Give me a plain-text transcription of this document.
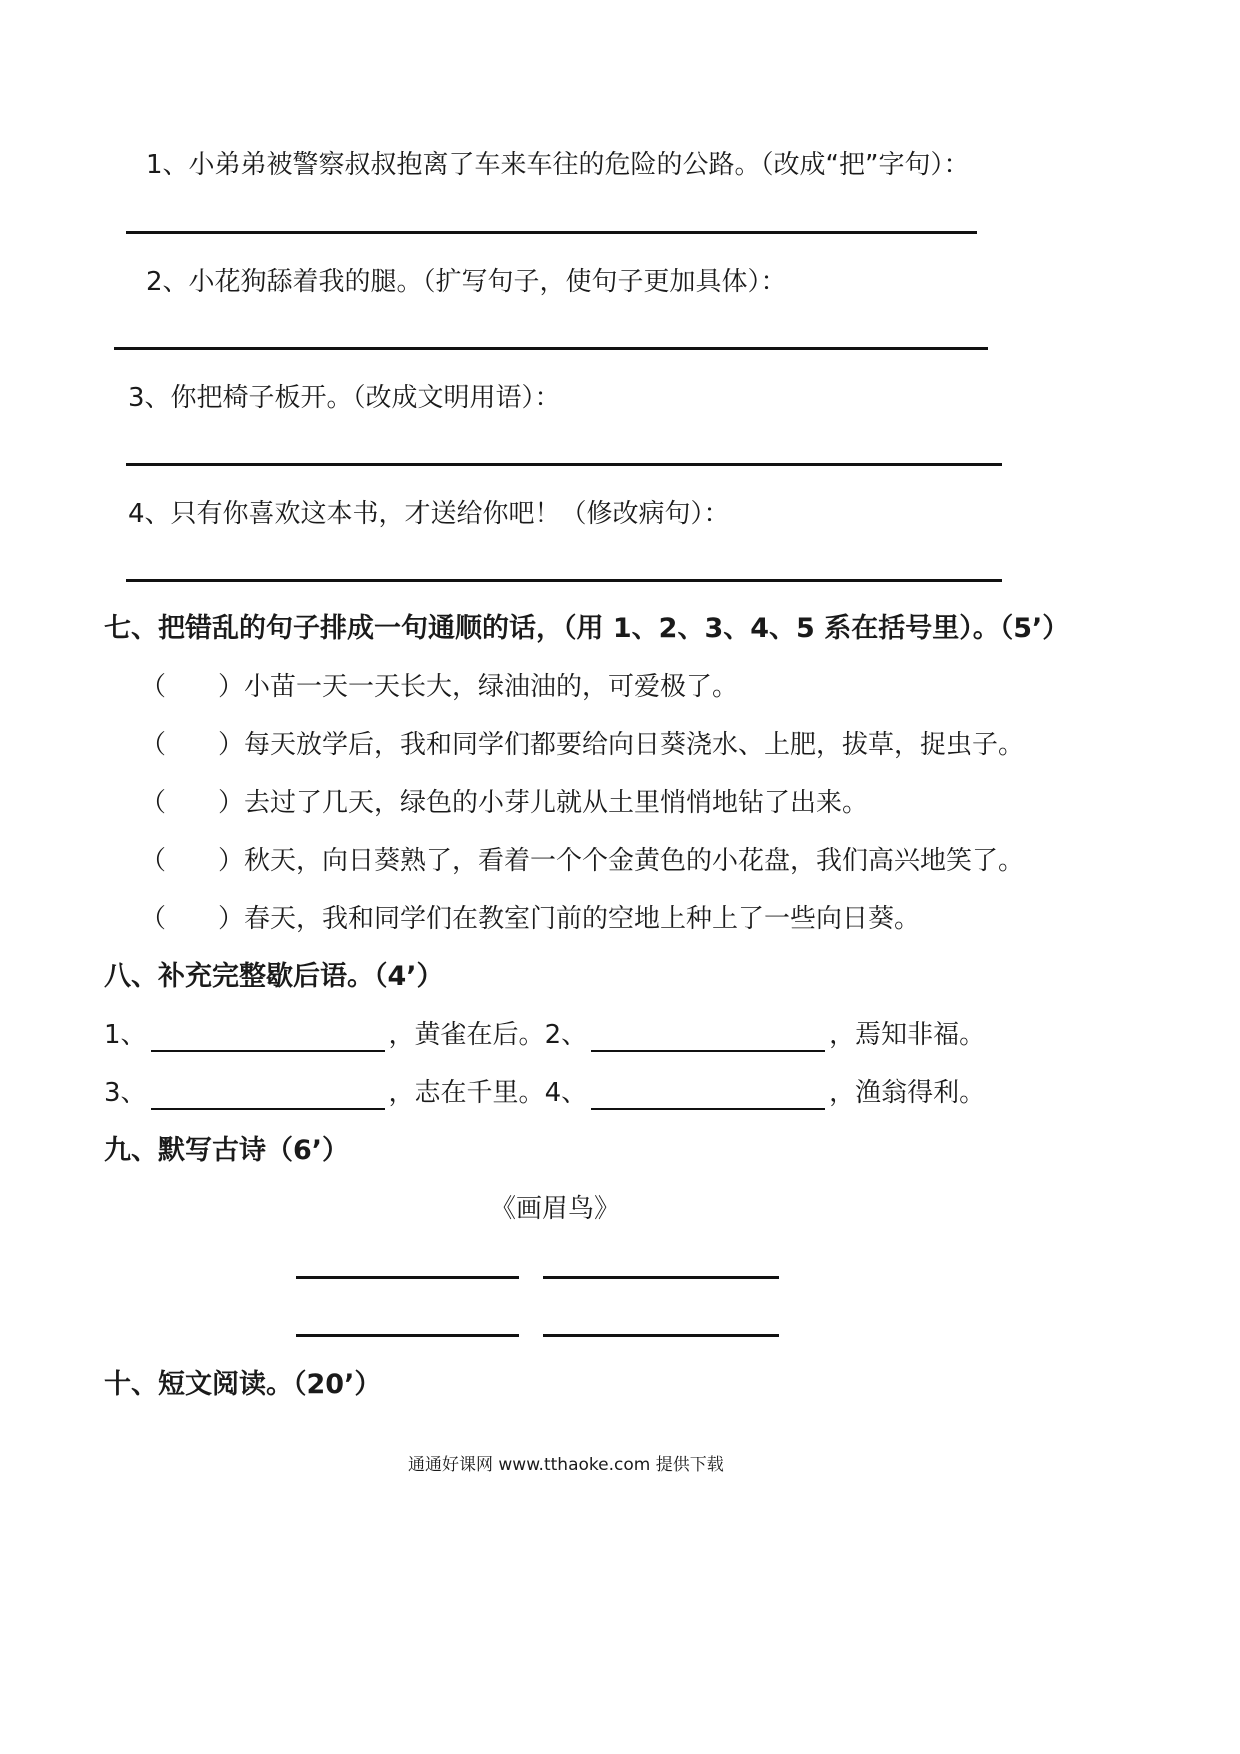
1、小弟弟被警察叔叔抱离了车来车往的危险的公路。（改成“把”字句）：
2、小花狗舔着我的腿。（扩写句子，使句子更加具体）：
3、你把椅子板开。（改成文明用语）：
4、只有你喜欢这本书，才送给你吧！（修改病句）：
七、把错乱的句子排成一句通顺的话，（用 1、2、3、4、5 系在括号里）。（5’）
（　　）小苗一天一天长大，绿油油的，可爱极了。
（　　）每天放学后，我和同学们都要给向日葵浇水、上肥，拔草，捉虫子。
（　　）去过了几天，绿色的小芽儿就从土里悄悄地钻了出来。
（　　）秋天，向日葵熟了，看着一个个金黄色的小花盘，我们高兴地笑了。
（　　）春天，我和同学们在教室门前的空地上种上了一些向日葵。
八、补充完整歇后语。（4’）
1、	，黄雀在后。2、	，焉知非福。
3、	，志在千里。4、	，渔翁得利。
九、默写古诗（6’）
《画眉鸟》
十、短文阅读。（20’）
通通好课网 www.tthaoke.com 提供下载
